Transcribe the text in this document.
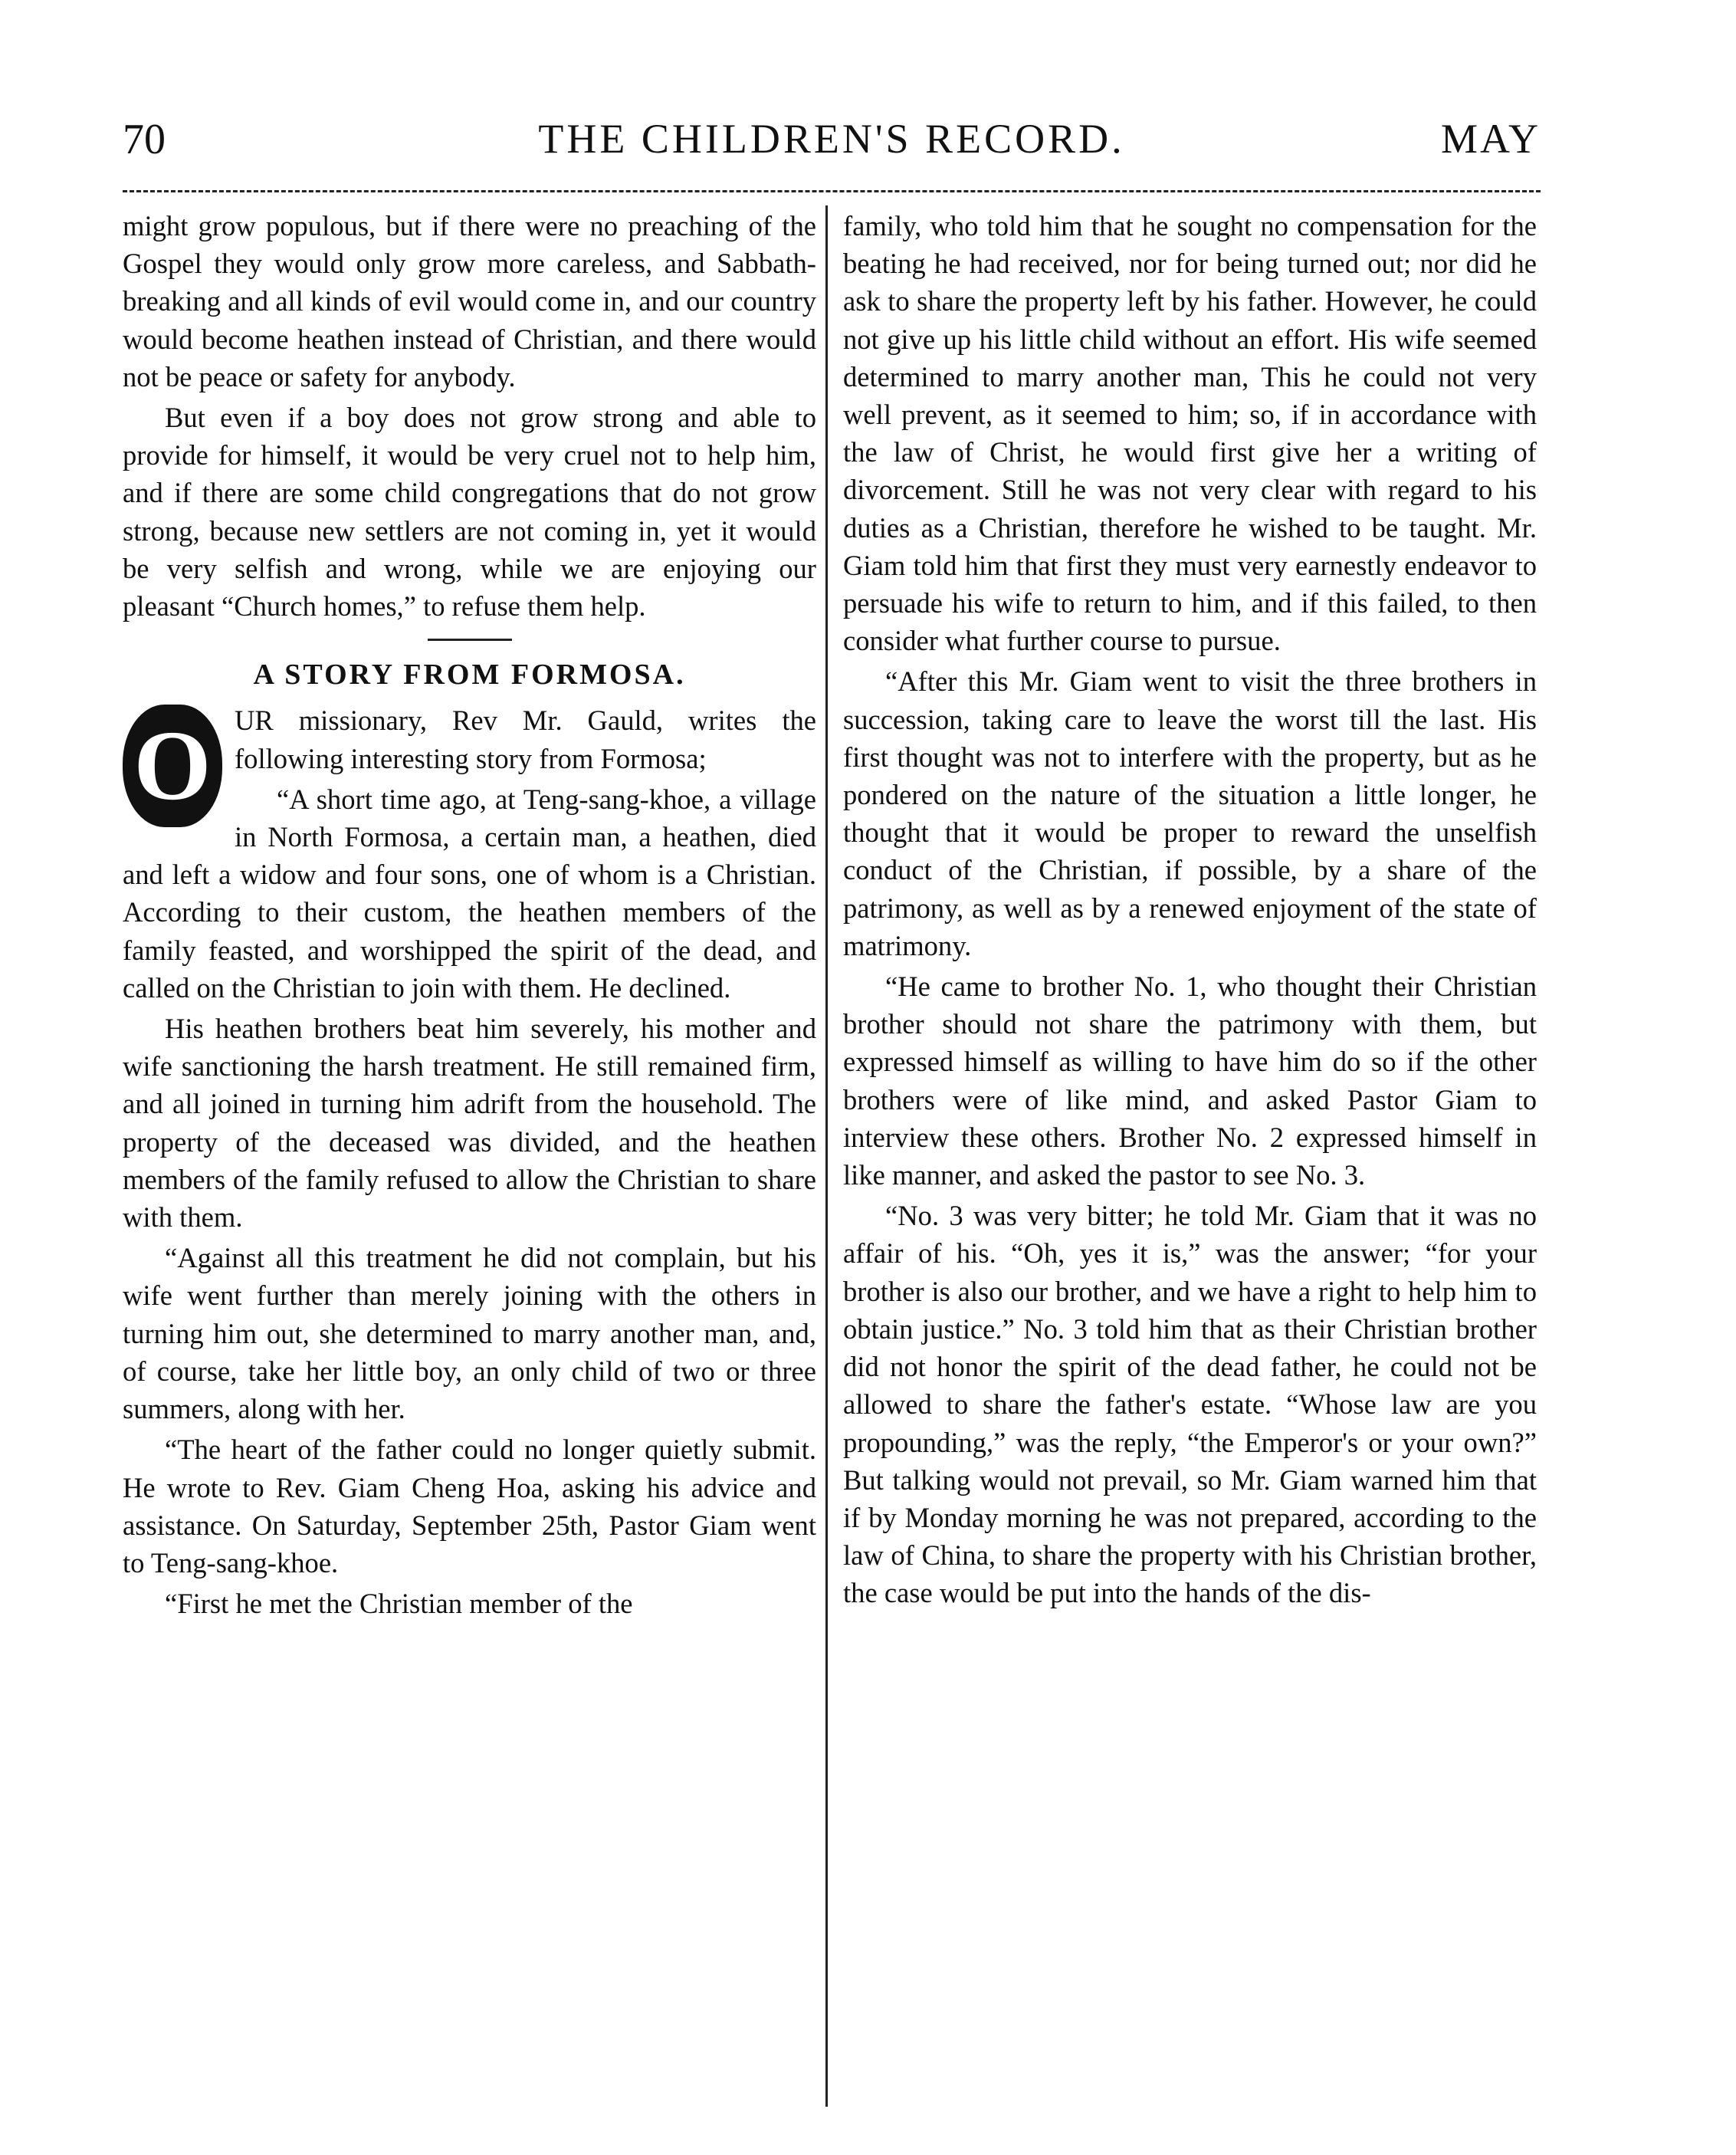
70	THE CHILDREN'S RECORD.	MAY

might grow populous, but if there were no preaching of the Gospel they would only grow more careless, and Sabbath-breaking and all kinds of evil would come in, and our country would become heathen instead of Christian, and there would not be peace or safety for anybody.

But even if a boy does not grow strong and able to provide for himself, it would be very cruel not to help him, and if there are some child congregations that do not grow strong, because new settlers are not coming in, yet it would be very selfish and wrong, while we are enjoying our pleasant “Church homes,” to refuse them help.

A STORY FROM FORMOSA.

O UR missionary, Rev Mr. Gauld, writes the following interesting story from Formosa;

“A short time ago, at Teng-sang-khoe, a village in North Formosa, a certain man, a heathen, died and left a widow and four sons, one of whom is a Christian. According to their custom, the heathen members of the family feasted, and worshipped the spirit of the dead, and called on the Christian to join with them. He declined.

His heathen brothers beat him severely, his mother and wife sanctioning the harsh treatment. He still remained firm, and all joined in turning him adrift from the household. The property of the deceased was divided, and the heathen members of the family refused to allow the Christian to share with them.

“Against all this treatment he did not complain, but his wife went further than merely joining with the others in turning him out, she determined to marry another man, and, of course, take her little boy, an only child of two or three summers, along with her.

“The heart of the father could no longer quietly submit. He wrote to Rev. Giam Cheng Hoa, asking his advice and assistance. On Saturday, September 25th, Pastor Giam went to Teng-sang-khoe.

“First he met the Christian member of the

family, who told him that he sought no compensation for the beating he had received, nor for being turned out; nor did he ask to share the property left by his father. However, he could not give up his little child without an effort. His wife seemed determined to marry another man, This he could not very well prevent, as it seemed to him; so, if in accordance with the law of Christ, he would first give her a writing of divorcement. Still he was not very clear with regard to his duties as a Christian, therefore he wished to be taught. Mr. Giam told him that first they must very earnestly endeavor to persuade his wife to return to him, and if this failed, to then consider what further course to pursue.

“After this Mr. Giam went to visit the three brothers in succession, taking care to leave the worst till the last. His first thought was not to interfere with the property, but as he pondered on the nature of the situation a little longer, he thought that it would be proper to reward the unselfish conduct of the Christian, if possible, by a share of the patrimony, as well as by a renewed enjoyment of the state of matrimony.

“He came to brother No. 1, who thought their Christian brother should not share the patrimony with them, but expressed himself as willing to have him do so if the other brothers were of like mind, and asked Pastor Giam to interview these others. Brother No. 2 expressed himself in like manner, and asked the pastor to see No. 3.

“No. 3 was very bitter; he told Mr. Giam that it was no affair of his. “Oh, yes it is,” was the answer; “for your brother is also our brother, and we have a right to help him to obtain justice.” No. 3 told him that as their Christian brother did not honor the spirit of the dead father, he could not be allowed to share the father's estate. “Whose law are you propounding,” was the reply, “the Emperor's or your own?” But talking would not prevail, so Mr. Giam warned him that if by Monday morning he was not prepared, according to the law of China, to share the property with his Christian brother, the case would be put into the hands of the dis-
